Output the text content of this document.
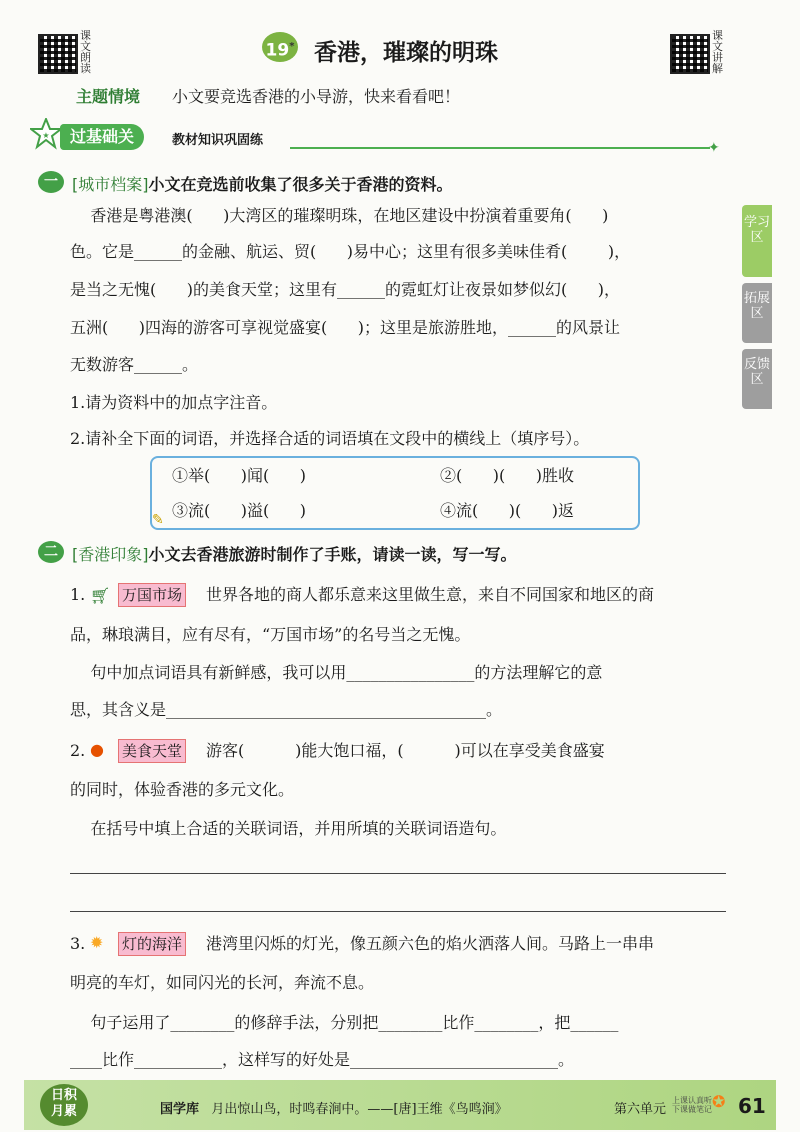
课文朗读
19* 香港，璀璨的明珠
课文讲解
主题情境 小文要竞选香港的小导游，快来看看吧！
★	过基础关	教材知识巩固练	✦
学习区
拓展区
反馈区
一 [城市档案]小文在竞选前收集了很多关于香港的资料。
香港是粤港澳(      )大湾区的璀璨明珠，在地区建设中扮演着重要角(      )
色。它是______的金融、航运、贸(      )易中心；这里有很多美味佳肴(        )，
是当之无愧(      )的美食天堂；这里有______的霓虹灯让夜景如梦似幻(      )，
五洲(      )四海的游客可享视觉盛宴(      )；这里是旅游胜地，______的风景让
无数游客______。
1.请为资料中的加点字注音。
2.请补全下面的词语，并选择合适的词语填在文段中的横线上（填序号）。
①举(      )闻(      )	②(      )(      )胜收
③流(      )溢(      )	④流(      )(      )返
✎
二 [香港印象]小文去香港旅游时制作了手账，请读一读，写一写。
1. 🛒︎ 万国市场 世界各地的商人都乐意来这里做生意，来自不同国家和地区的商
品，琳琅满目，应有尽有，“万国市场”的名号当之无愧。
句中加点词语具有新鲜感，我可以用________________的方法理解它的意
思，其含义是________________________________________。
2. ● 美食天堂 游客(          )能大饱口福，(          )可以在享受美食盛宴
的同时，体验香港的多元文化。
在括号中填上合适的关联词语，并用所填的关联词语造句。
3. ✹ 灯的海洋 港湾里闪烁的灯光，像五颜六色的焰火洒落人间。马路上一串串
明亮的车灯，如同闪光的长河，奔流不息。
句子运用了________的修辞手法，分别把________比作________，把______
____比作___________，这样写的好处是__________________________。
日积
月累	国学库 月出惊山鸟，时鸣春涧中。——[唐]王维《鸟鸣涧》	第六单元
上课认真听
下课做笔记 ✪ 61
